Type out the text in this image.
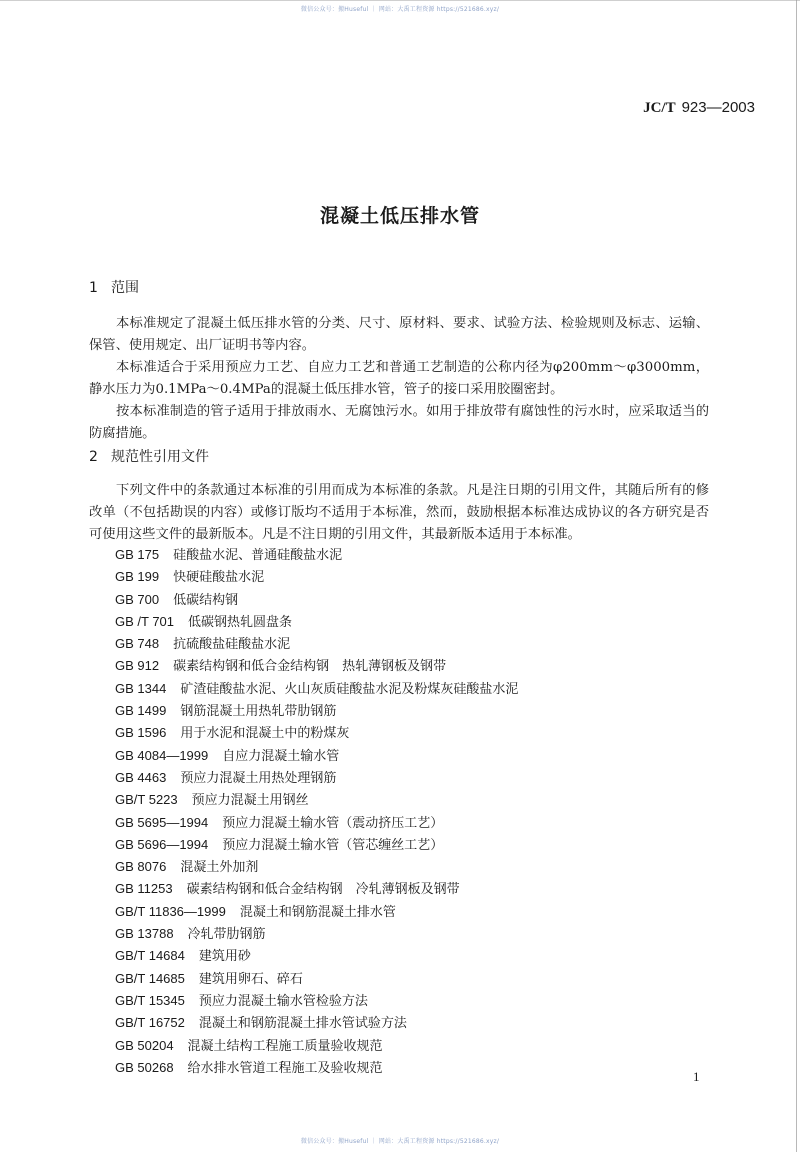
微信公众号：搬Huseful ｜ 网站：大禹工程资源 https://521686.xyz/
JC/T 923—2003
混凝土低压排水管
1 范围
本标准规定了混凝土低压排水管的分类、尺寸、原材料、要求、试验方法、检验规则及标志、运输、保管、使用规定、出厂证明书等内容。
本标准适合于采用预应力工艺、自应力工艺和普通工艺制造的公称内径为φ200mm～φ3000mm，静水压力为0.1MPa～0.4MPa的混凝土低压排水管，管子的接口采用胶圈密封。
按本标准制造的管子适用于排放雨水、无腐蚀污水。如用于排放带有腐蚀性的污水时，应采取适当的防腐措施。
2 规范性引用文件
下列文件中的条款通过本标准的引用而成为本标准的条款。凡是注日期的引用文件，其随后所有的修改单（不包括勘误的内容）或修订版均不适用于本标准，然而，鼓励根据本标准达成协议的各方研究是否可使用这些文件的最新版本。凡是不注日期的引用文件，其最新版本适用于本标准。
GB 175 硅酸盐水泥、普通硅酸盐水泥
GB 199 快硬硅酸盐水泥
GB 700 低碳结构钢
GB /T 701 低碳钢热轧圆盘条
GB 748 抗硫酸盐硅酸盐水泥
GB 912 碳素结构钢和低合金结构钢　热轧薄钢板及钢带
GB 1344 矿渣硅酸盐水泥、火山灰质硅酸盐水泥及粉煤灰硅酸盐水泥
GB 1499 钢筋混凝土用热轧带肋钢筋
GB 1596 用于水泥和混凝土中的粉煤灰
GB 4084—1999 自应力混凝土输水管
GB 4463 预应力混凝土用热处理钢筋
GB/T 5223 预应力混凝土用钢丝
GB 5695—1994 预应力混凝土输水管（震动挤压工艺）
GB 5696—1994 预应力混凝土输水管（管芯缠丝工艺）
GB 8076 混凝土外加剂
GB 11253 碳素结构钢和低合金结构钢　冷轧薄钢板及钢带
GB/T 11836—1999 混凝土和钢筋混凝土排水管
GB 13788 冷轧带肋钢筋
GB/T 14684 建筑用砂
GB/T 14685 建筑用卵石、碎石
GB/T 15345 预应力混凝土输水管检验方法
GB/T 16752 混凝土和钢筋混凝土排水管试验方法
GB 50204 混凝土结构工程施工质量验收规范
GB 50268 给水排水管道工程施工及验收规范
1
微信公众号：搬Huseful ｜ 网站：大禹工程资源 https://521686.xyz/
